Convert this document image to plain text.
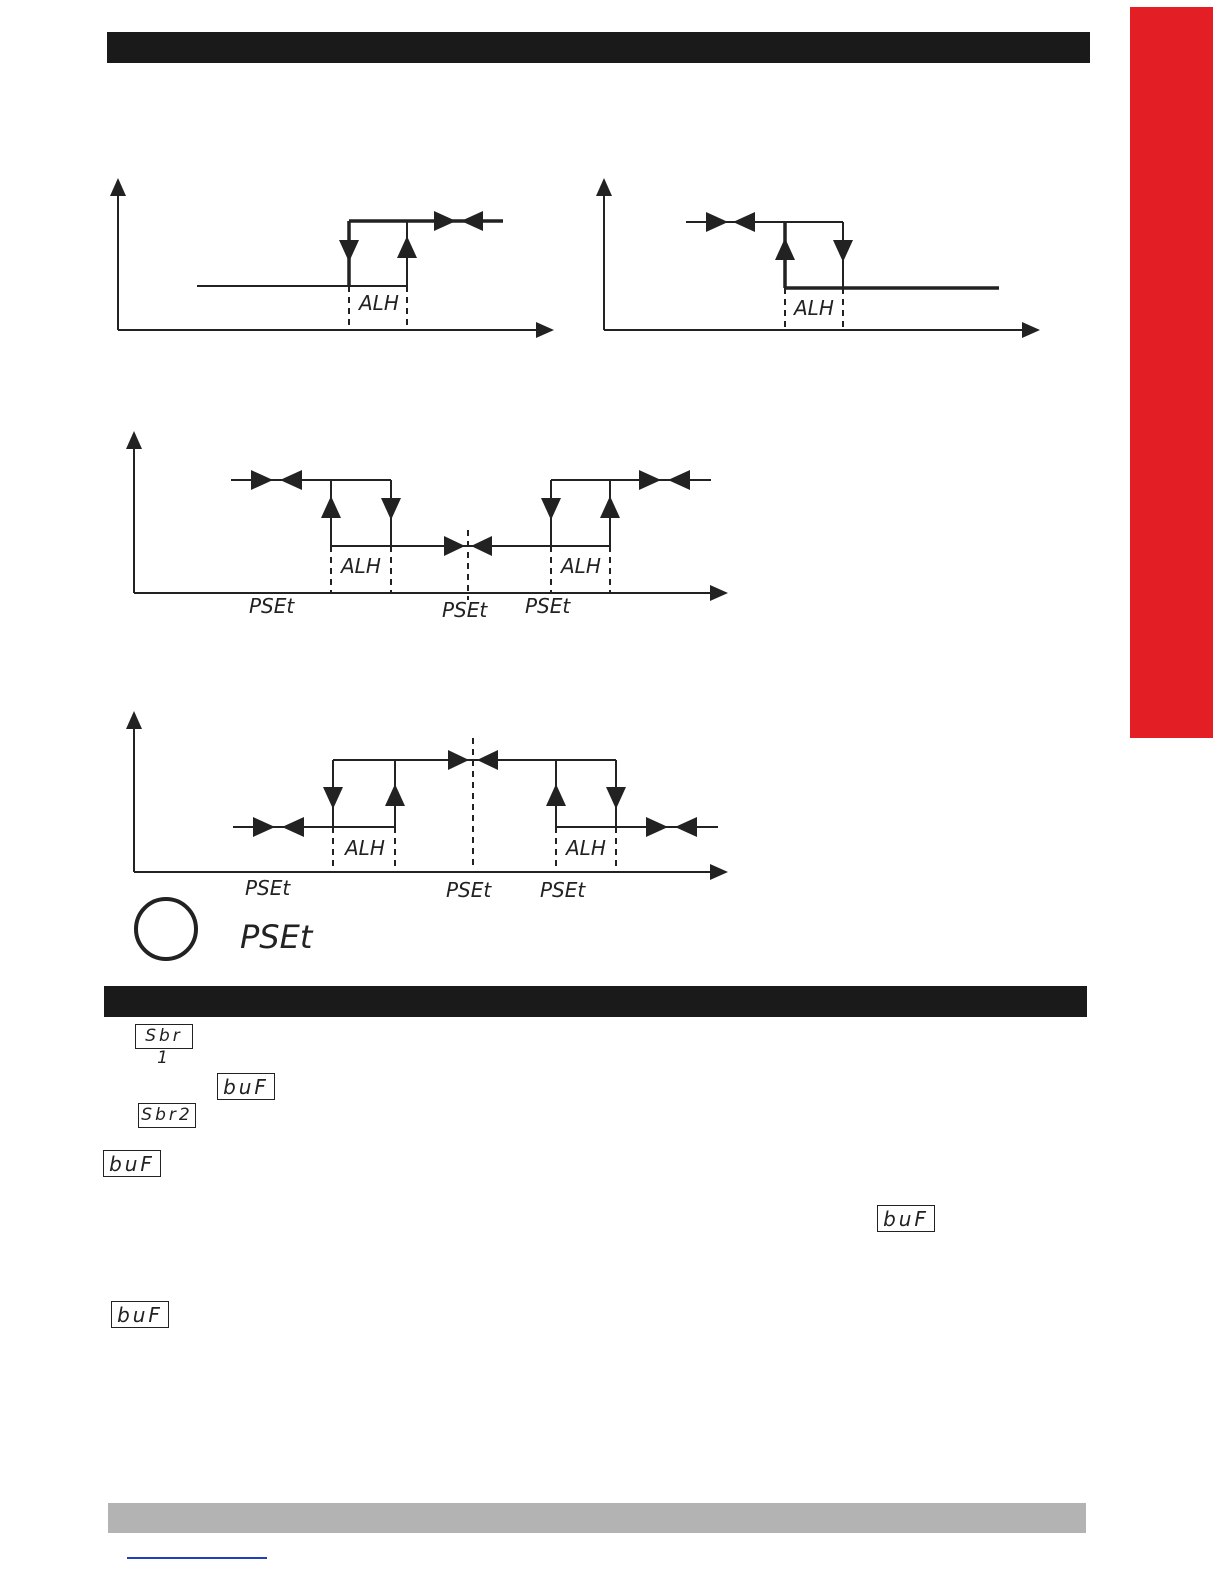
ALH	ALH
ALH	ALH
PSEt	PSEt PSEt
ALH	ALH
PSEt	PSEt PSEt
PSEt
Sbr 1
buF
Sbr2
buF
buF
buF
